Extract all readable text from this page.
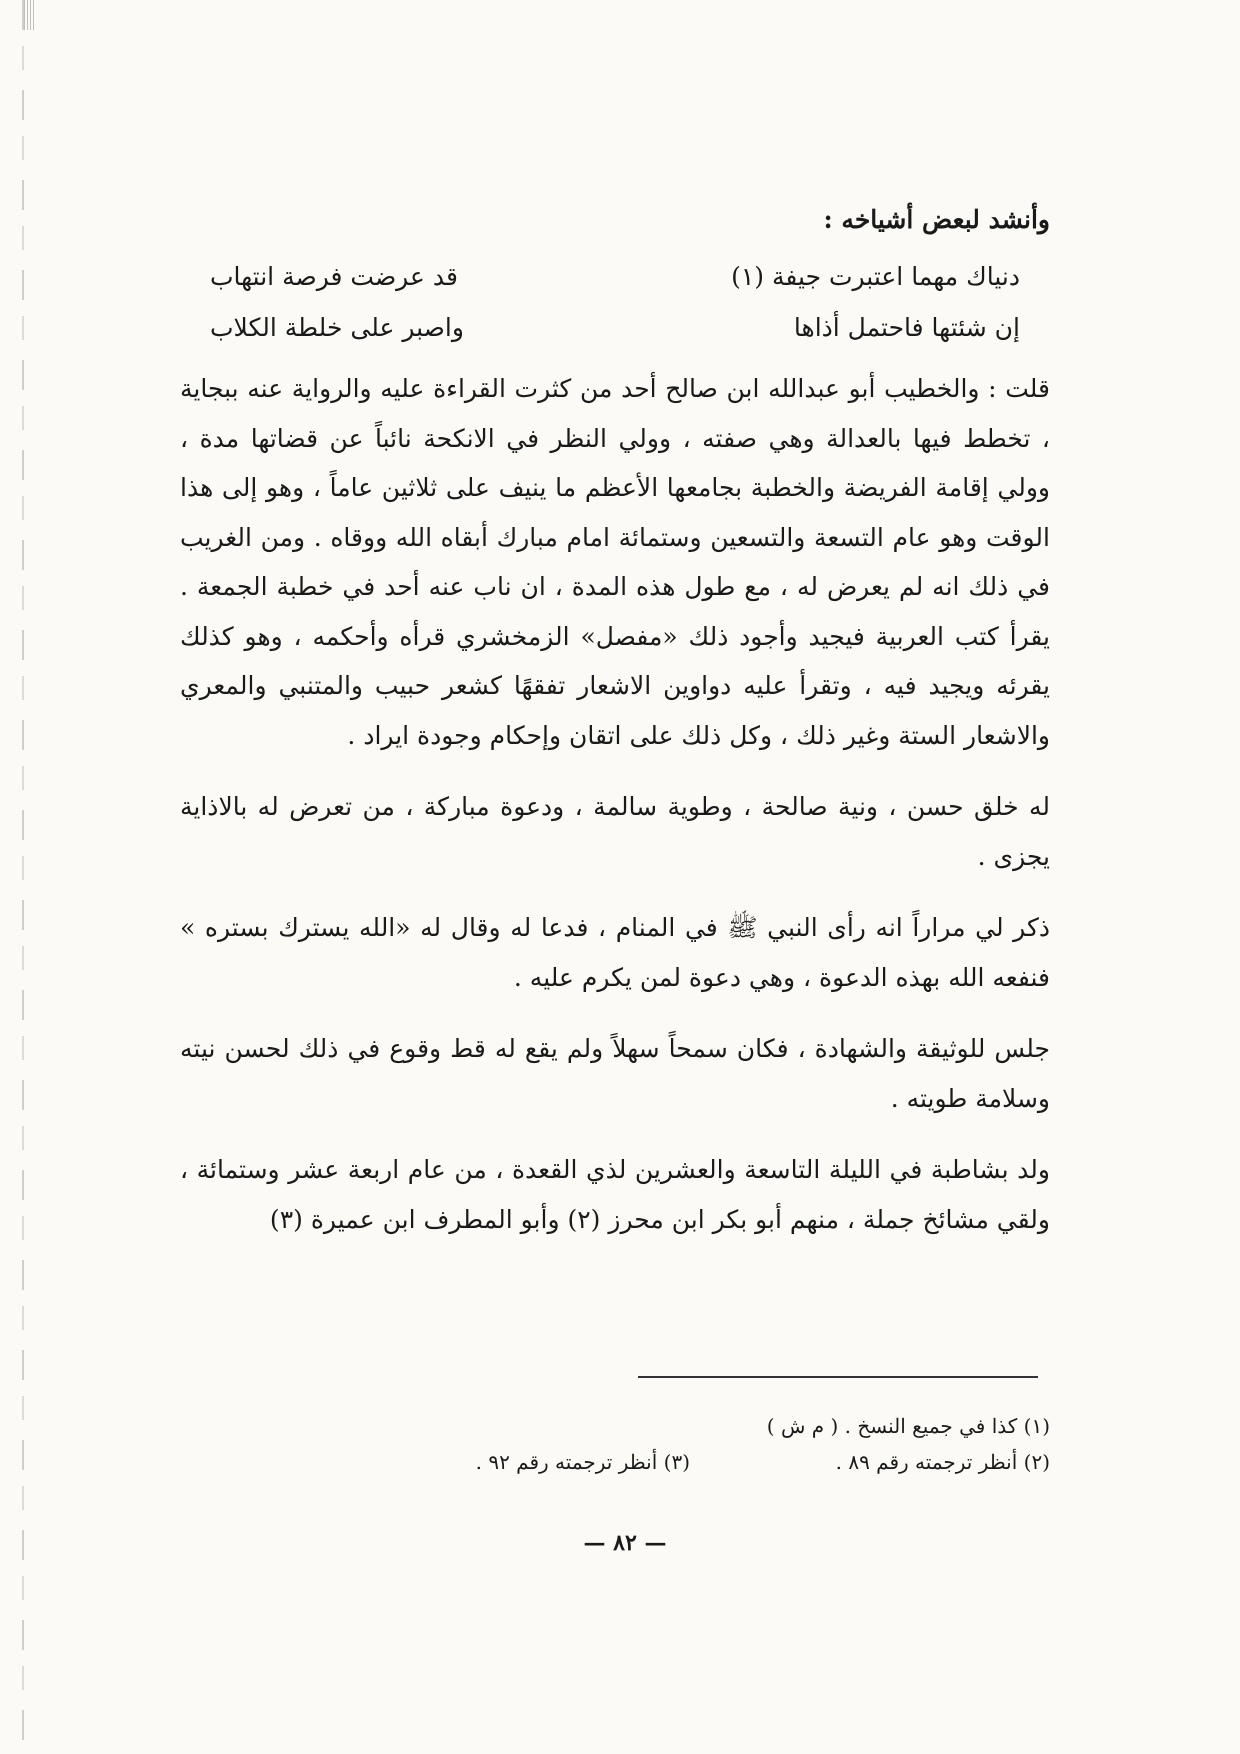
وأنشد لبعض أشياخه :
دنياك مهما اعتبرت جيفة (١)
قد عرضت فرصة انتهاب
إن شئتها فاحتمل أذاها
واصبر على خلطة الكلاب

قلت : والخطيب أبو عبدالله ابن صالح أحد من كثرت القراءة عليه والرواية عنه ببجاية ، تخطط فيها بالعدالة وهي صفته ، وولي النظر في الانكحة نائباً عن قضاتها مدة ، وولي إقامة الفريضة والخطبة بجامعها الأعظم ما ينيف على ثلاثين عاماً ، وهو إلى هذا الوقت وهو عام التسعة والتسعين وستمائة امام مبارك أبقاه الله ووقاه . ومن الغريب في ذلك انه لم يعرض له ، مع طول هذه المدة ، ان ناب عنه أحد في خطبة الجمعة . يقرأ كتب العربية فيجيد وأجود ذلك «مفصل» الزمخشري قرأه وأحكمه ، وهو كذلك يقرئه ويجيد فيه ، وتقرأ عليه دواوين الاشعار تفقهًا كشعر حبيب والمتنبي والمعري والاشعار الستة وغير ذلك ، وكل ذلك على اتقان وإحكام وجودة ايراد .

له خلق حسن ، ونية صالحة ، وطوية سالمة ، ودعوة مباركة ، من تعرض له بالاذاية يجزى .

ذكر لي مراراً انه رأى النبي ﷺ في المنام ، فدعا له وقال له «الله يسترك بستره » فنفعه الله بهذه الدعوة ، وهي دعوة لمن يكرم عليه .

جلس للوثيقة والشهادة ، فكان سمحاً سهلاً ولم يقع له قط وقوع في ذلك لحسن نيته وسلامة طويته .

ولد بشاطبة في الليلة التاسعة والعشرين لذي القعدة ، من عام اربعة عشر وستمائة ، ولقي مشائخ جملة ، منهم أبو بكر ابن محرز (٢) وأبو المطرف ابن عميرة (٣)

(١) كذا في جميع النسخ . ( م ش )
(٢) أنظر ترجمته رقم ٨٩ .
(٣) أنظر ترجمته رقم ٩٢ .
— ٨٢ —
